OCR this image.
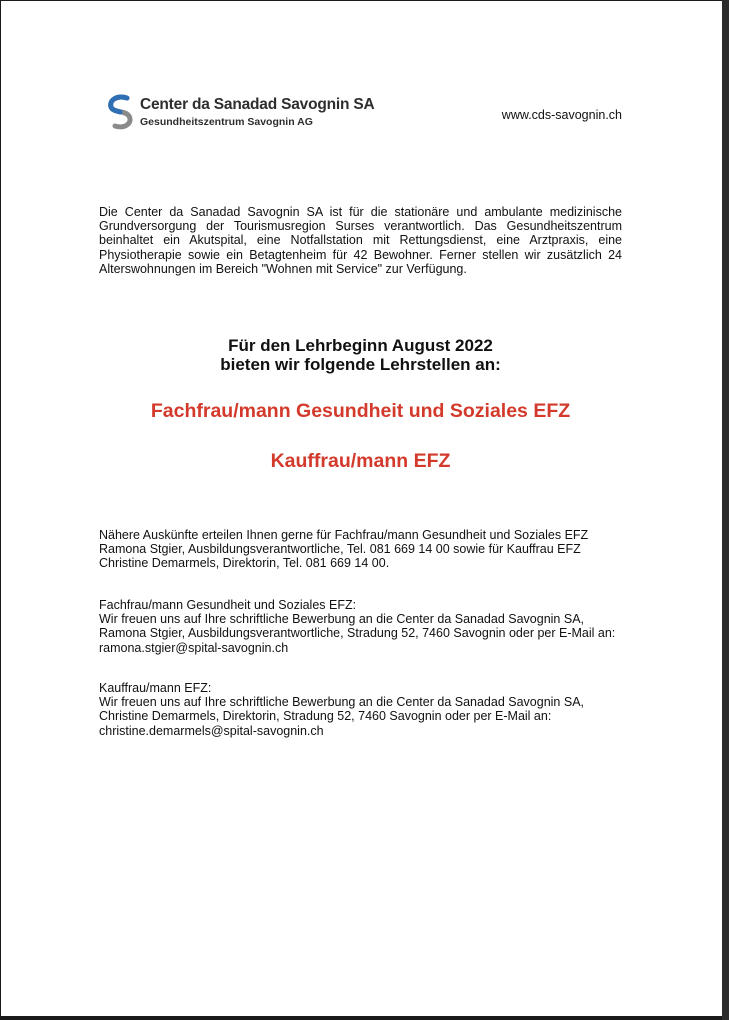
Center da Sanadad Savognin SA
Gesundheitszentrum Savognin AG	www.cds-savognin.ch
Die Center da Sanadad Savognin SA ist für die stationäre und ambulante medizinische Grundversorgung der Tourismusregion Surses verantwortlich. Das Gesundheitszentrum beinhaltet ein Akutspital, eine Notfallstation mit Rettungsdienst, eine Arztpraxis, eine Physiotherapie sowie ein Betagtenheim für 42 Bewohner. Ferner stellen wir zusätzlich 24 Alterswohnungen im Bereich "Wohnen mit Service" zur Verfügung.
Für den Lehrbeginn August 2022
bieten wir folgende Lehrstellen an:
Fachfrau/mann Gesundheit und Soziales EFZ
Kauffrau/mann EFZ
Nähere Auskünfte erteilen Ihnen gerne für Fachfrau/mann Gesundheit und Soziales EFZ
Ramona Stgier, Ausbildungsverantwortliche, Tel. 081 669 14 00 sowie für Kauffrau EFZ
Christine Demarmels, Direktorin, Tel. 081 669 14 00.
Fachfrau/mann Gesundheit und Soziales EFZ:
Wir freuen uns auf Ihre schriftliche Bewerbung an die Center da Sanadad Savognin SA,
Ramona Stgier, Ausbildungsverantwortliche, Stradung 52, 7460 Savognin oder per E-Mail an:
ramona.stgier@spital-savognin.ch
Kauffrau/mann EFZ:
Wir freuen uns auf Ihre schriftliche Bewerbung an die Center da Sanadad Savognin SA,
Christine Demarmels, Direktorin, Stradung 52, 7460 Savognin oder per E-Mail an:
christine.demarmels@spital-savognin.ch
